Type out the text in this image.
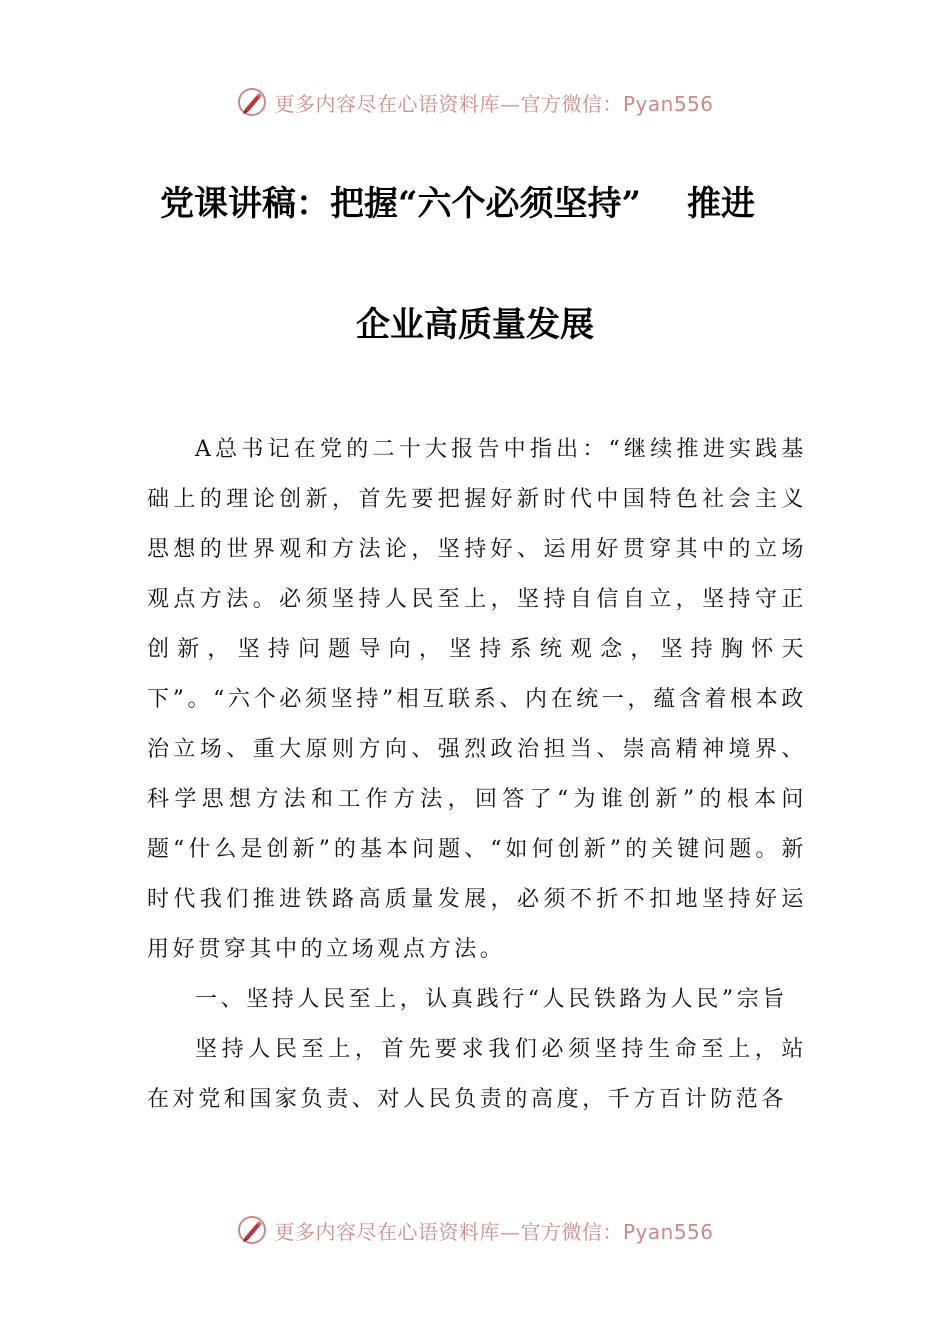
更多内容尽在心语资料库—官方微信：Pyan556
党课讲稿：把握“六个必须坚持”　 推进
企业高质量发展

A总书记在党的二十大报告中指出：“继续推进实践基础上的理论创新，首先要把握好新时代中国特色社会主义思想的世界观和方法论，坚持好、运用好贯穿其中的立场观点方法。必须坚持人民至上，坚持自信自立，坚持守正创新，坚持问题导向，坚持系统观念，坚持胸怀天下”。“六个必须坚持”相互联系、内在统一，蕴含着根本政治立场、重大原则方向、强烈政治担当、崇高精神境界、科学思想方法和工作方法，回答了“为谁创新”的根本问题“什么是创新”的基本问题、“如何创新”的关键问题。新时代我们推进铁路高质量发展，必须不折不扣地坚持好运用好贯穿其中的立场观点方法。

一、坚持人民至上，认真践行“人民铁路为人民”宗旨

坚持人民至上，首先要求我们必须坚持生命至上，站在对党和国家负责、对人民负责的高度，千方百计防范各

更多内容尽在心语资料库—官方微信：Pyan556
